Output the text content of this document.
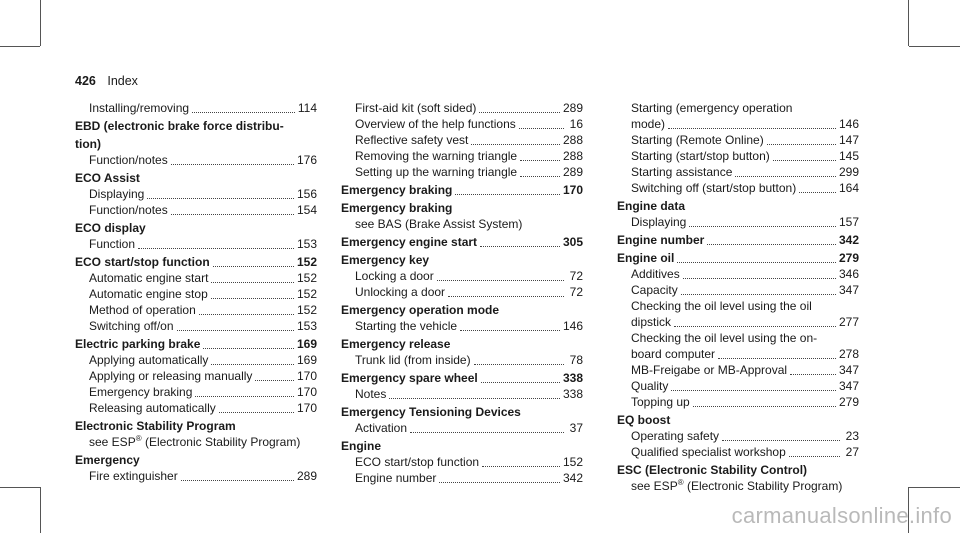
426 Index
Installing/removing	114
EBD (electronic brake force distribu-
tion)
Function/notes	176
ECO Assist
Displaying	156
Function/notes	154
ECO display
Function	153
ECO start/stop function	152
Automatic engine start	152
Automatic engine stop	152
Method of operation	152
Switching off/on	153
Electric parking brake	169
Applying automatically	169
Applying or releasing manually	170
Emergency braking	170
Releasing automatically	170
Electronic Stability Program
see ESP® (Electronic Stability Program)
Emergency
Fire extinguisher	289
First-aid kit (soft sided)	289
Overview of the help functions	16
Reflective safety vest	288
Removing the warning triangle	288
Setting up the warning triangle	289
Emergency braking	170
Emergency braking
see BAS (Brake Assist System)
Emergency engine start	305
Emergency key
Locking a door	72
Unlocking a door	72
Emergency operation mode
Starting the vehicle	146
Emergency release
Trunk lid (from inside)	78
Emergency spare wheel	338
Notes	338
Emergency Tensioning Devices
Activation	37
Engine
ECO start/stop function	152
Engine number	342
Starting (emergency operation
mode)	146
Starting (Remote Online)	147
Starting (start/stop button)	145
Starting assistance	299
Switching off (start/stop button)	164
Engine data
Displaying	157
Engine number	342
Engine oil	279
Additives	346
Capacity	347
Checking the oil level using the oil
dipstick	277
Checking the oil level using the on-
board computer	278
MB-Freigabe or MB-Approval	347
Quality	347
Topping up	279
EQ boost
Operating safety	23
Qualified specialist workshop	27
ESC (Electronic Stability Control)
see ESP® (Electronic Stability Program)
carmanualsonline.info
